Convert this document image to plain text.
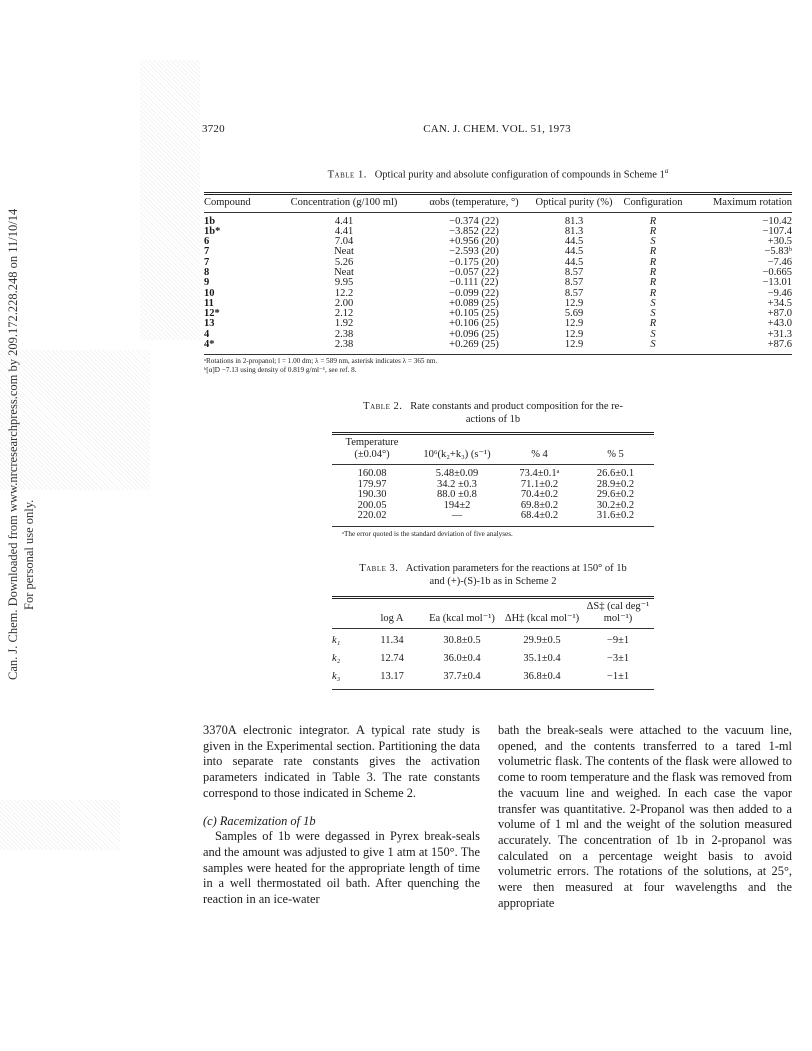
Can. J. Chem. Downloaded from www.nrcresearchpress.com by 209.172.228.248 on 11/10/14 For personal use only.
CAN. J. CHEM. VOL. 51, 1973
3720
Table 1. Optical purity and absolute configuration of compounds in Scheme 1$^a$
Compound	Concentration (g/100 ml)	αobs (temperature, °)	Optical purity (%)	Configuration	Maximum rotation
1b	4.41	−0.374 (22)	81.3	R	−10.42
1b*	4.41	−3.852 (22)	81.3	R	−107.4
6	7.04	+0.956 (20)	44.5	S	+30.5
7	Neat	−2.593 (20)	44.5	R	−5.83ᵇ
7	5.26	−0.175 (20)	44.5	R	−7.46
8	Neat	−0.057 (22)	8.57	R	−0.665
9	9.95	−0.111 (22)	8.57	R	−13.01
10	12.2	−0.099 (22)	8.57	R	−9.46
11	2.00	+0.089 (25)	12.9	S	+34.5
12*	2.12	+0.105 (25)	5.69	S	+87.0
13	1.92	+0.106 (25)	12.9	R	+43.0
4	2.38	+0.096 (25)	12.9	S	+31.3
4*	2.38	+0.269 (25)	12.9	S	+87.6
ᵃRotations in 2-propanol; l = 1.00 dm; λ = 589 nm, asterisk indicates λ = 365 nm.
ᵇ[α]D −7.13 using density of 0.819 g/ml⁻¹, see ref. 8.
Table 2. Rate constants and product composition for the re-
actions of 1b
Temperature (±0.04°)	10⁶(k₂+k₃) (s⁻¹)	% 4	% 5
160.08	5.48±0.09	73.4±0.1ᵃ	26.6±0.1
179.97	34.2 ±0.3	71.1±0.2	28.9±0.2
190.30	88.0 ±0.8	70.4±0.2	29.6±0.2
200.05	194±2	69.8±0.2	30.2±0.2
220.02	—	68.4±0.2	31.6±0.2
ᵃThe error quoted is the standard deviation of five analyses.
Table 3. Activation parameters for the reactions at 150° of 1b
and (+)-(S)-1b as in Scheme 2
	log A	Ea (kcal mol⁻¹)	ΔH‡ (kcal mol⁻¹)	ΔS‡ (cal deg⁻¹ mol⁻¹)
k₁	11.34	30.8±0.5	29.9±0.5	−9±1
k₂	12.74	36.0±0.4	35.1±0.4	−3±1
k₃	13.17	37.7±0.4	36.8±0.4	−1±1

3370A electronic integrator. A typical rate study is given in the Experimental section. Partitioning the data into separate rate constants gives the activation parameters indicated in Table 3. The rate constants correspond to those indicated in Scheme 2.

(c) Racemization of 1b

Samples of 1b were degassed in Pyrex break-seals and the amount was adjusted to give 1 atm at 150°. The samples were heated for the appropriate length of time in a well thermostated oil bath. After quenching the reaction in an ice-water

bath the break-seals were attached to the vacuum line, opened, and the contents transferred to a tared 1-ml volumetric flask. The contents of the flask were allowed to come to room temperature and the flask was removed from the vacuum line and weighed. In each case the vapor transfer was quantitative. 2-Propanol was then added to a volume of 1 ml and the weight of the solution measured accurately. The concentration of 1b in 2-propanol was calculated on a percentage weight basis to avoid volumetric errors. The rotations of the solutions, at 25°, were then measured at four wavelengths and the appropriate
